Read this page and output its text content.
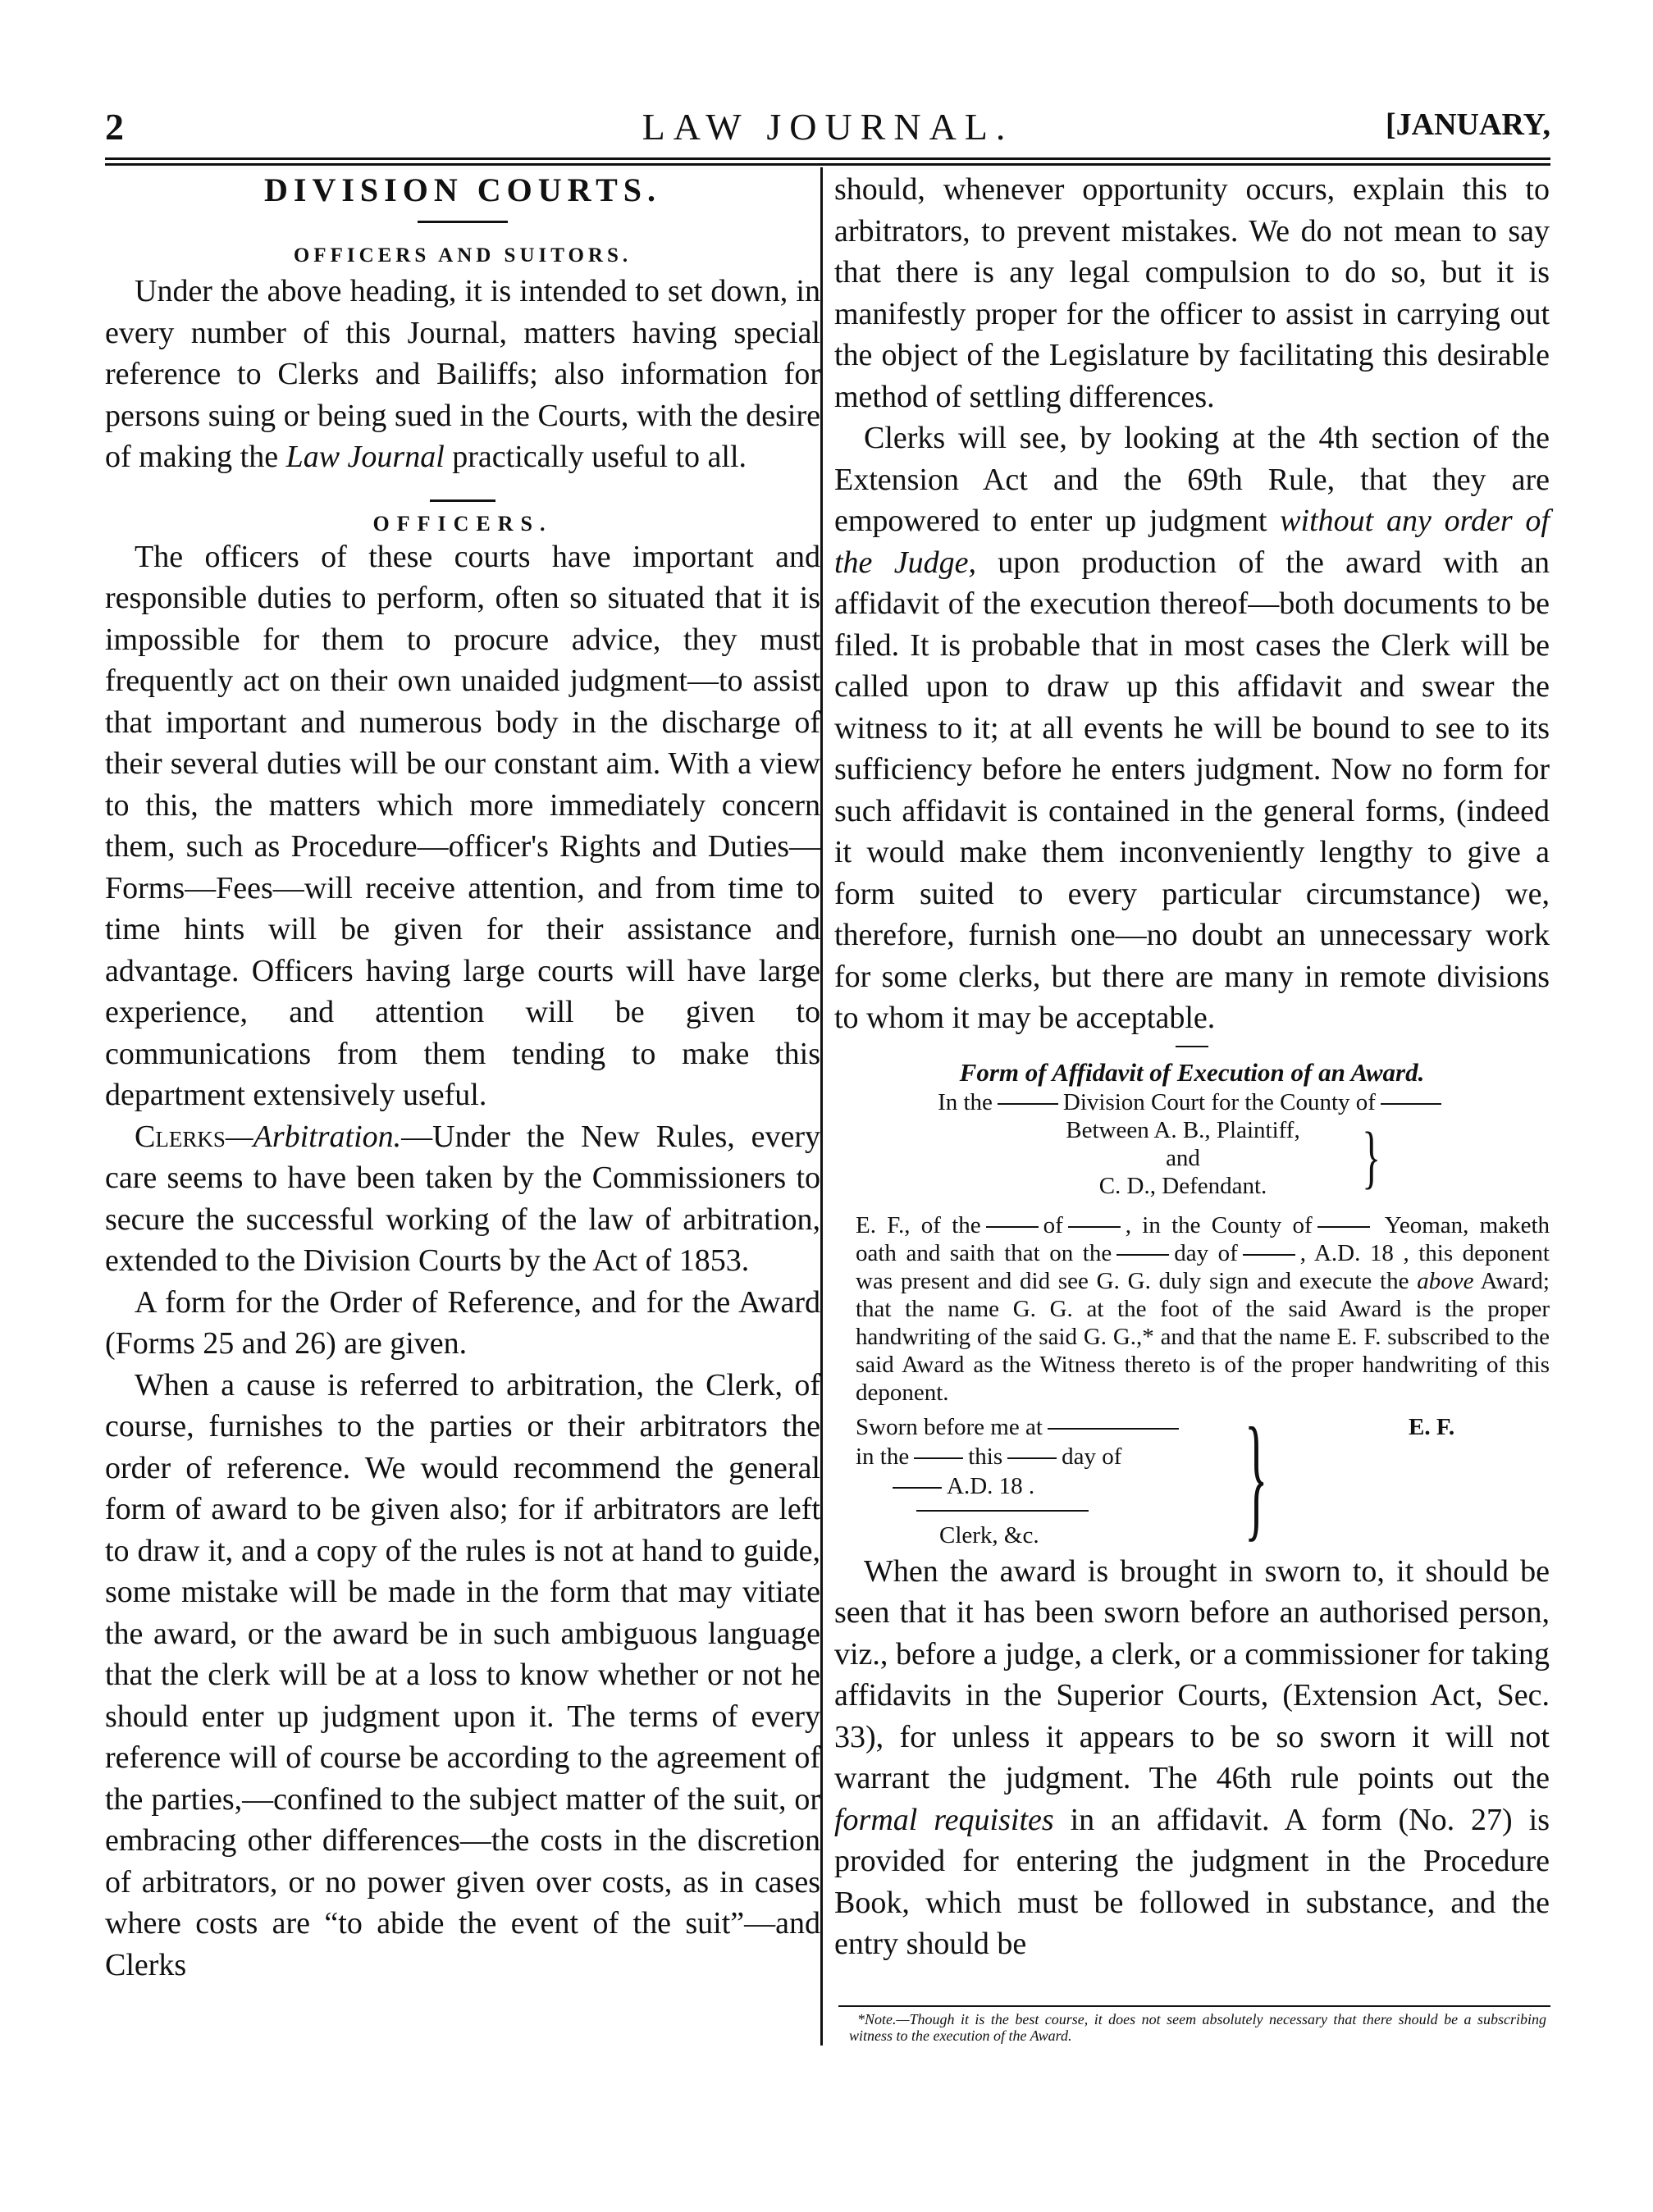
2	LAW JOURNAL.	[JANUARY,
DIVISION COURTS.
OFFICERS AND SUITORS.

Under the above heading, it is intended to set down, in every number of this Journal, matters having special reference to Clerks and Bailiffs; also information for persons suing or being sued in the Courts, with the desire of making the Law Journal practically useful to all.

OFFICERS.

The officers of these courts have important and responsible duties to perform, often so situated that it is impossible for them to procure advice, they must frequently act on their own unaided judgment—to assist that important and numerous body in the discharge of their several duties will be our constant aim. With a view to this, the matters which more immediately concern them, such as Procedure—officer's Rights and Duties—Forms—Fees—will receive attention, and from time to time hints will be given for their assistance and advantage. Officers having large courts will have large experience, and attention will be given to communications from them tending to make this department extensively useful.

Clerks—Arbitration.—Under the New Rules, every care seems to have been taken by the Commissioners to secure the successful working of the law of arbitration, extended to the Division Courts by the Act of 1853.

A form for the Order of Reference, and for the Award (Forms 25 and 26) are given.

When a cause is referred to arbitration, the Clerk, of course, furnishes to the parties or their arbitrators the order of reference. We would recommend the general form of award to be given also; for if arbitrators are left to draw it, and a copy of the rules is not at hand to guide, some mistake will be made in the form that may vitiate the award, or the award be in such ambiguous language that the clerk will be at a loss to know whether or not he should enter up judgment upon it. The terms of every reference will of course be according to the agreement of the parties,—confined to the subject matter of the suit, or embracing other differences—the costs in the discretion of arbitrators, or no power given over costs, as in cases where costs are “to abide the event of the suit”—and Clerks

should, whenever opportunity occurs, explain this to arbitrators, to prevent mistakes. We do not mean to say that there is any legal compulsion to do so, but it is manifestly proper for the officer to assist in carrying out the object of the Legislature by facilitating this desirable method of settling differences.

Clerks will see, by looking at the 4th section of the Extension Act and the 69th Rule, that they are empowered to enter up judgment without any order of the Judge, upon production of the award with an affidavit of the execution thereof—both documents to be filed. It is probable that in most cases the Clerk will be called upon to draw up this affidavit and swear the witness to it; at all events he will be bound to see to its sufficiency before he enters judgment. Now no form for such affidavit is contained in the general forms, (indeed it would make them inconveniently lengthy to give a form suited to every particular circumstance) we, therefore, furnish one—no doubt an unnecessary work for some clerks, but there are many in remote divisions to whom it may be acceptable.

Form of Affidavit of Execution of an Award.
In the	Division Court for the County of
Between A. B., Plaintiff,
and
C. D., Defendant.	}
E. F., of the	of	, in the County of	Yeoman, maketh oath and saith that on the	day of	, A.D. 18 , this deponent was present and did see G. G. duly sign and execute the above Award; that the name G. G. at the foot of the said Award is the proper handwriting of the said G. G.,* and that the name E. F. subscribed to the said Award as the Witness thereto is of the proper handwriting of this deponent.
Sworn before me at
in the this day of
A.D. 18 .
Clerk, &c. }	E. F.

When the award is brought in sworn to, it should be seen that it has been sworn before an authorised person, viz., before a judge, a clerk, or a commissioner for taking affidavits in the Superior Courts, (Extension Act, Sec. 33), for unless it appears to be so sworn it will not warrant the judgment. The 46th rule points out the formal requisites in an affidavit. A form (No. 27) is provided for entering the judgment in the Procedure Book, which must be followed in substance, and the entry should be

*Note.—Though it is the best course, it does not seem absolutely necessary that there should be a subscribing witness to the execution of the Award.
